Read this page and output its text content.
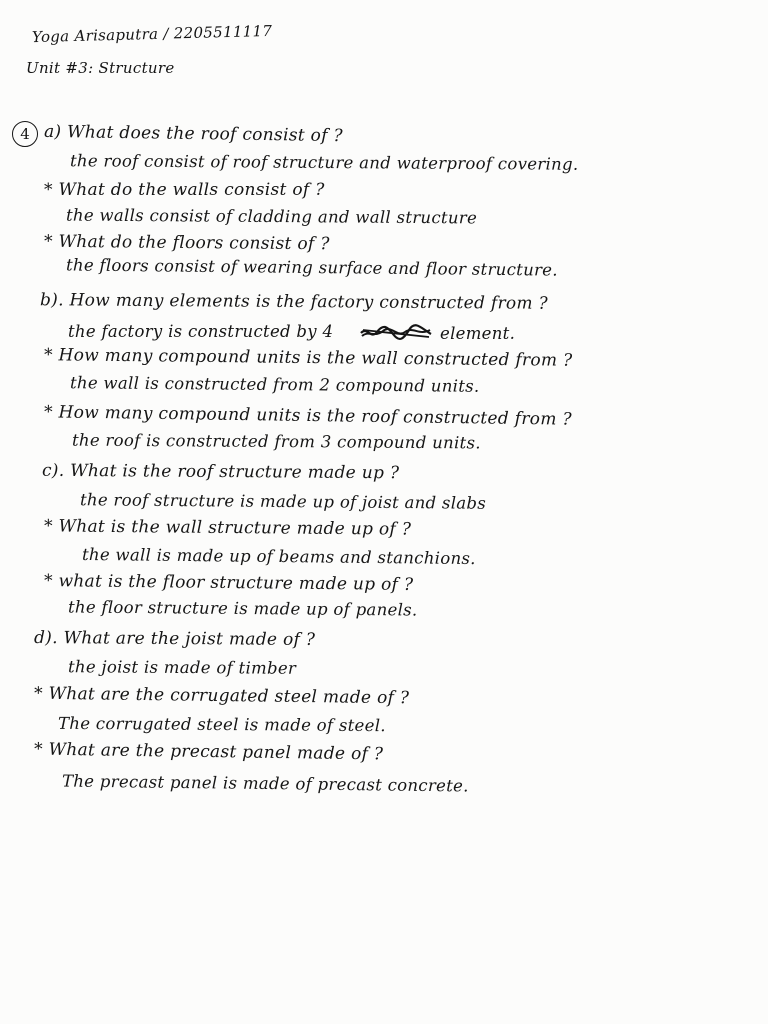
Yoga Arisaputra / 2205511117
Unit #3: Structure
4 a) What does the roof consist of ?
the roof consist of roof structure and waterproof covering.
* What do the walls consist of ?
the walls consist of cladding and wall structure
* What do the floors consist of ?
the floors consist of wearing surface and floor structure.
b). How many elements is the factory constructed from ?
the factory is constructed by 4	element.
* How many compound units is the wall constructed from ?
the wall is constructed from 2 compound units.
* How many compound units is the roof constructed from ?
the roof is constructed from 3 compound units.
c). What is the roof structure made up ?
the roof structure is made up of joist and slabs
* What is the wall structure made up of ?
the wall is made up of beams and stanchions.
* what is the floor structure made up of ?
the floor structure is made up of panels.
d). What are the joist made of ?
the joist is made of timber
* What are the corrugated steel made of ?
The corrugated steel is made of steel.
* What are the precast panel made of ?
The precast panel is made of precast concrete.
